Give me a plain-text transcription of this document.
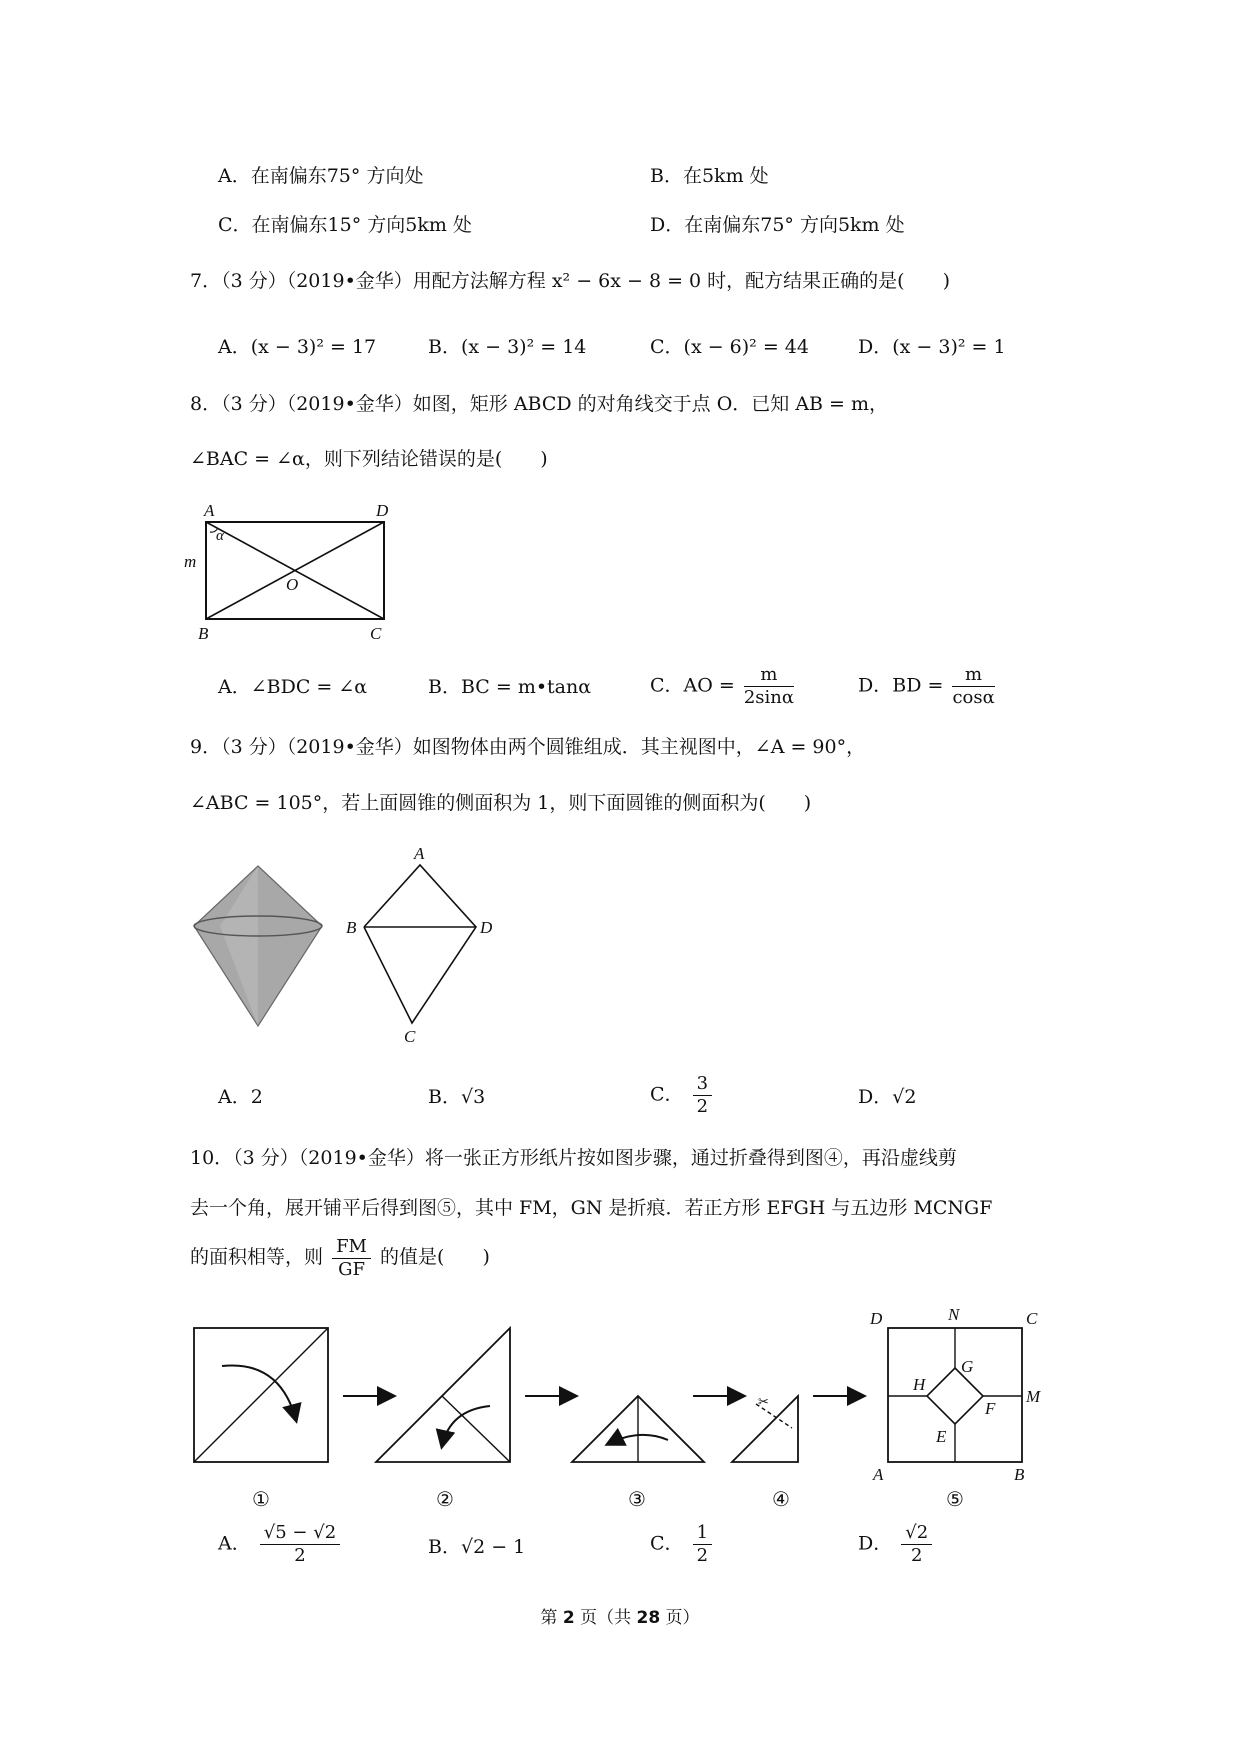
A．在南偏东75° 方向处	B．在5km 处
C．在南偏东15° 方向5km 处	D．在南偏东75° 方向5km 处
7．（3 分）（2019•金华）用配方法解方程 x² − 6x − 8 = 0 时，配方结果正确的是(　　)
A．(x − 3)² = 17	B．(x − 3)² = 14	C．(x − 6)² = 44	D．(x − 3)² = 1
8．（3 分）（2019•金华）如图，矩形 ABCD 的对角线交于点 O．已知 AB = m，
∠BAC = ∠α，则下列结论错误的是(　　)
A	D
B	C
O
m
α
A．∠BDC = ∠α	B．BC = m•tanα	C．AO = $\frac{m}{2\sin\alpha}$	D．BD = $\frac{m}{\cos\alpha}$
9．（3 分）（2019•金华）如图物体由两个圆锥组成．其主视图中，∠A = 90°，
∠ABC = 105°，若上面圆锥的侧面积为 1，则下面圆锥的侧面积为(　　)
A
B	D
C
A．2	B．√3	C． $\frac{3}{2}$	D．√2
10．（3 分）（2019•金华）将一张正方形纸片按如图步骤，通过折叠得到图④，再沿虚线剪
去一个角，展开铺平后得到图⑤，其中 FM，GN 是折痕．若正方形 EFGH 与五边形 MCNGF
的面积相等，则 $\frac{FM}{GF}$ 的值是(　　)
✂
D	N	C
M
A	B
G
H
F
E
①	②	③	④	⑤
A． $\frac{√5 - √2}{2}$	B．√2 − 1	C． $\frac{1}{2}$	D． $\frac{√2}{2}$
第 2 页（共 28 页）
